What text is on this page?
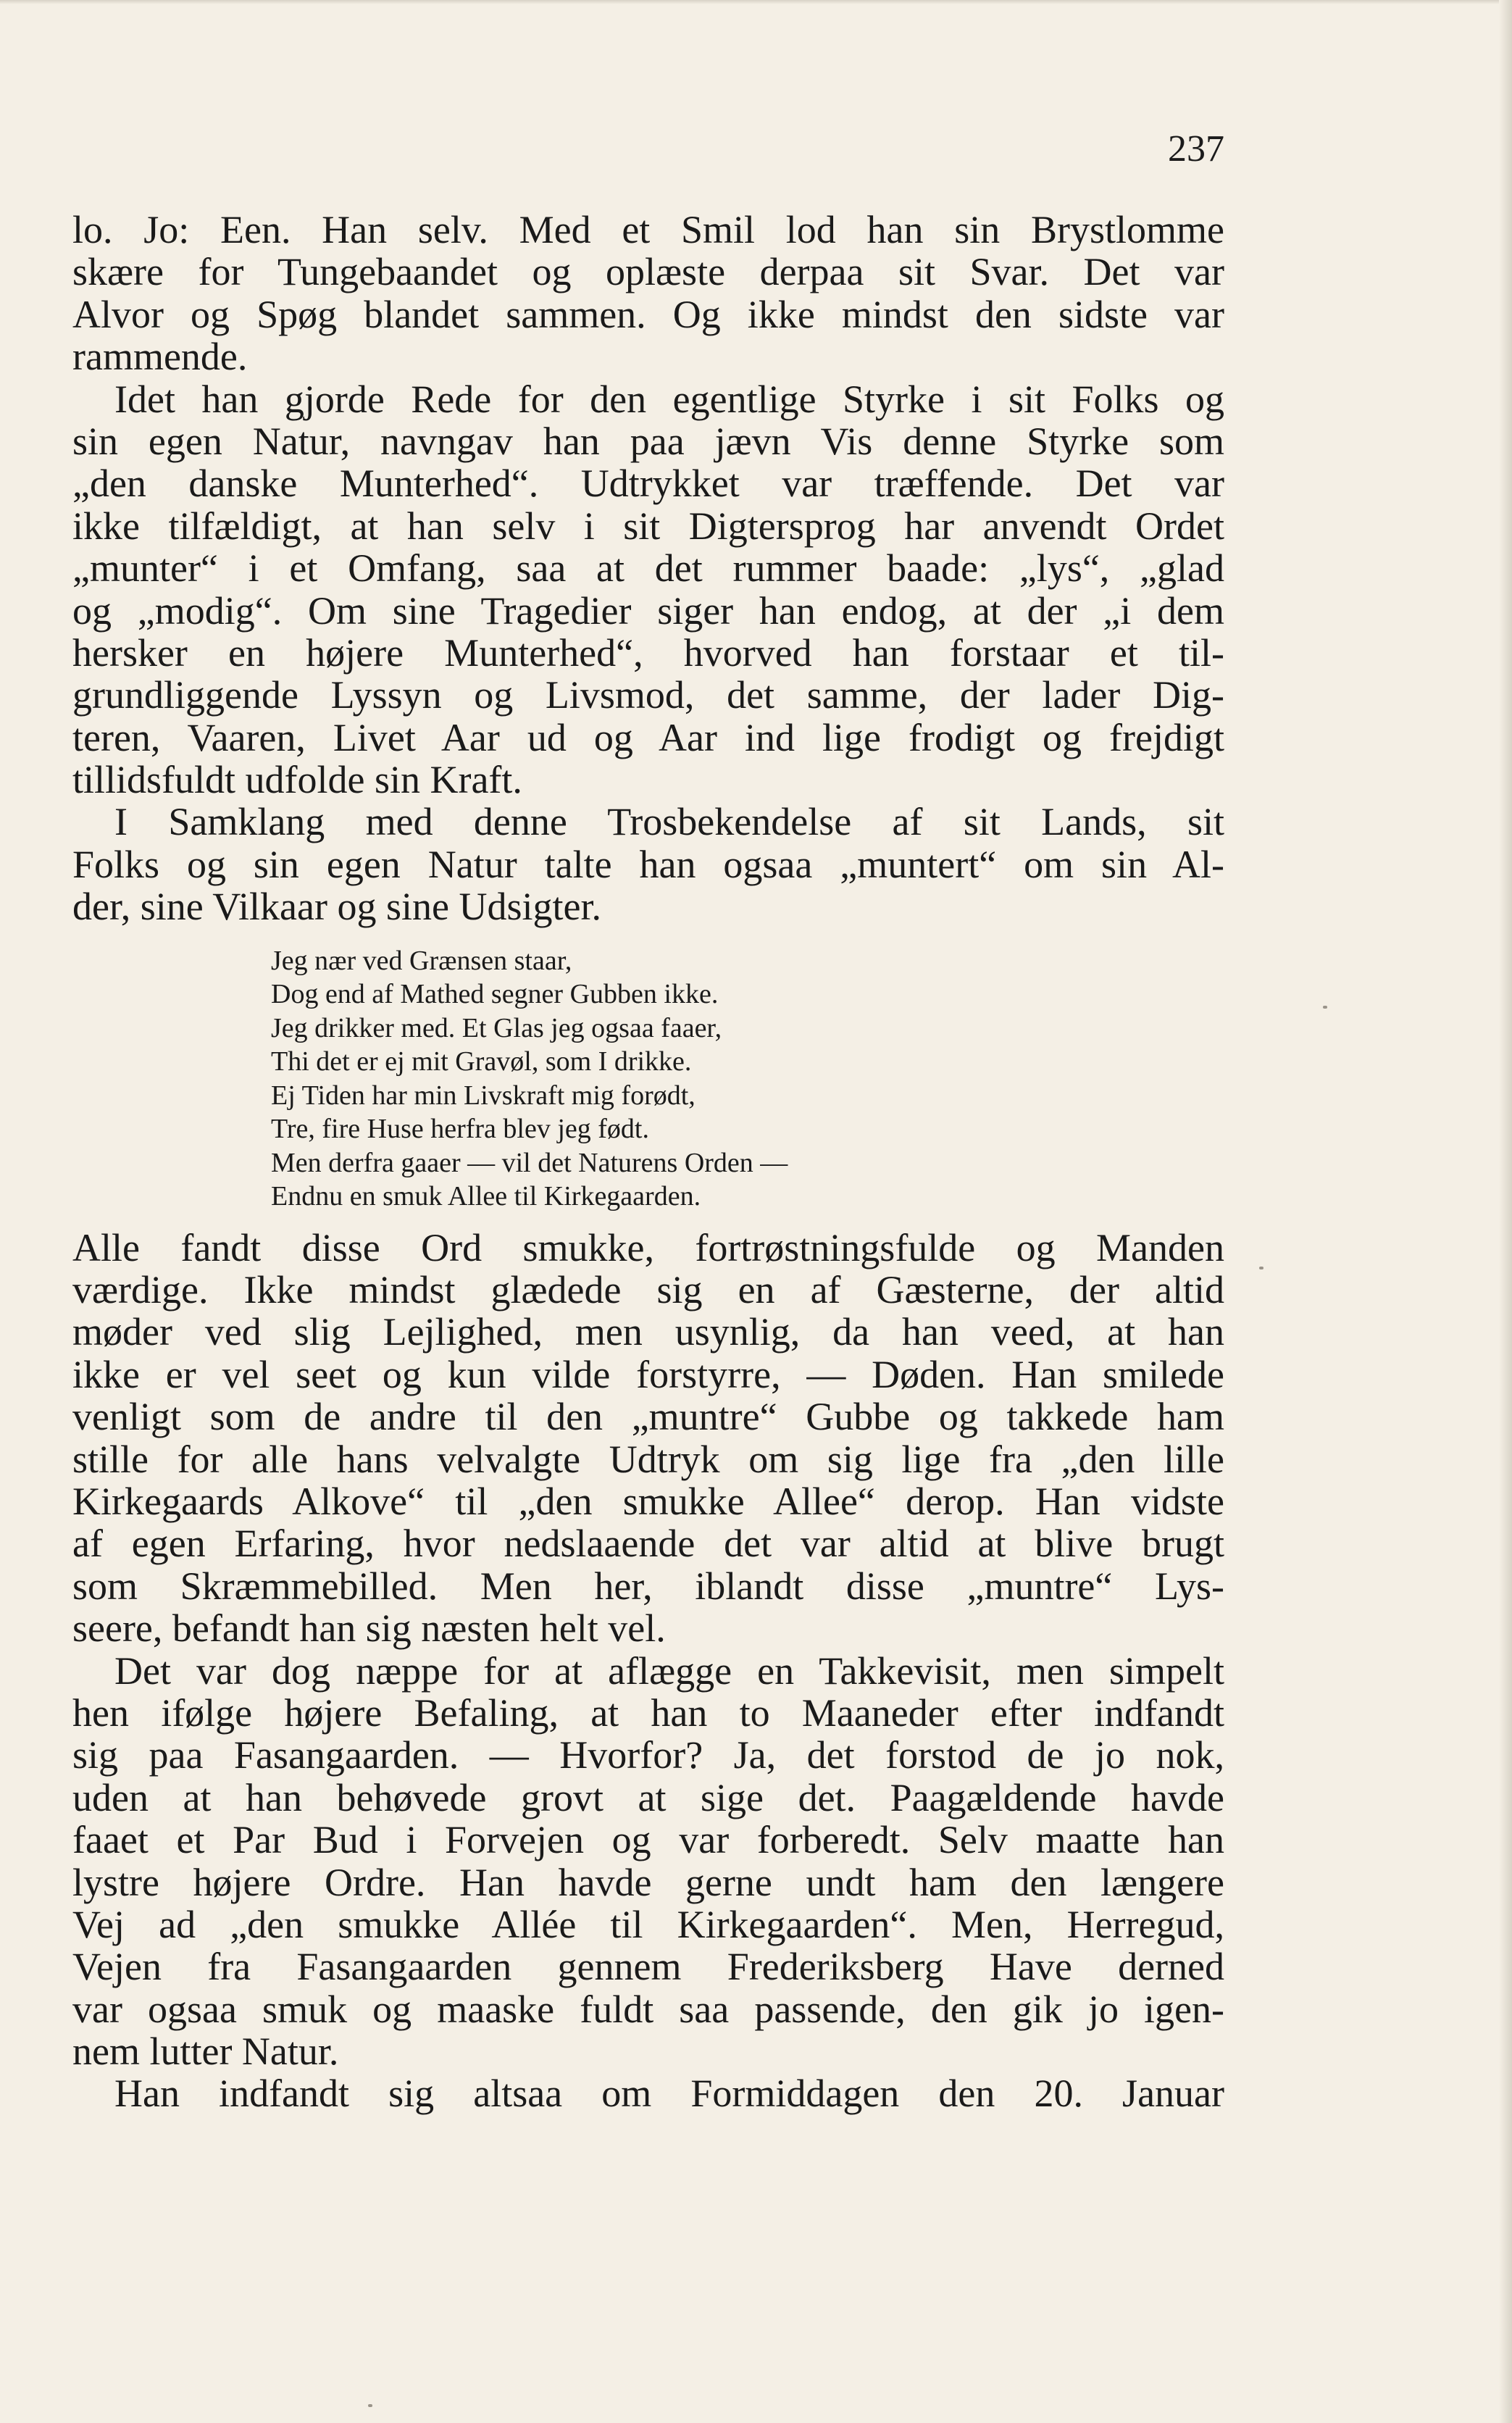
237
lo. Jo: Een. Han selv. Med et Smil lod han sin Brystlomme
skære for Tungebaandet og oplæste derpaa sit Svar. Det var
Alvor og Spøg blandet sammen. Og ikke mindst den sidste var
rammende.
Idet han gjorde Rede for den egentlige Styrke i sit Folks og
sin egen Natur, navngav han paa jævn Vis denne Styrke som
„den danske Munterhed“. Udtrykket var træffende. Det var
ikke tilfældigt, at han selv i sit Digtersprog har anvendt Ordet
„munter“ i et Omfang, saa at det rummer baade: „lys“, „glad
og „modig“. Om sine Tragedier siger han endog, at der „i dem
hersker en højere Munterhed“, hvorved han forstaar et til-
grundliggende Lyssyn og Livsmod, det samme, der lader Dig-
teren, Vaaren, Livet Aar ud og Aar ind lige frodigt og frejdigt
tillidsfuldt udfolde sin Kraft.
I Samklang med denne Trosbekendelse af sit Lands, sit
Folks og sin egen Natur talte han ogsaa „muntert“ om sin Al-
der, sine Vilkaar og sine Udsigter.
Jeg nær ved Grænsen staar,
Dog end af Mathed segner Gubben ikke.
Jeg drikker med. Et Glas jeg ogsaa faaer,
Thi det er ej mit Gravøl, som I drikke.
Ej Tiden har min Livskraft mig forødt,
Tre, fire Huse herfra blev jeg født.
Men derfra gaaer — vil det Naturens Orden —
Endnu en smuk Allee til Kirkegaarden.
Alle fandt disse Ord smukke, fortrøstningsfulde og Manden
værdige. Ikke mindst glædede sig en af Gæsterne, der altid
møder ved slig Lejlighed, men usynlig, da han veed, at han
ikke er vel seet og kun vilde forstyrre, — Døden. Han smilede
venligt som de andre til den „muntre“ Gubbe og takkede ham
stille for alle hans velvalgte Udtryk om sig lige fra „den lille
Kirkegaards Alkove“ til „den smukke Allee“ derop. Han vidste
af egen Erfaring, hvor nedslaaende det var altid at blive brugt
som Skræmmebilled. Men her, iblandt disse „muntre“ Lys-
seere, befandt han sig næsten helt vel.
Det var dog næppe for at aflægge en Takkevisit, men simpelt
hen ifølge højere Befaling, at han to Maaneder efter indfandt
sig paa Fasangaarden. — Hvorfor? Ja, det forstod de jo nok,
uden at han behøvede grovt at sige det. Paagældende havde
faaet et Par Bud i Forvejen og var forberedt. Selv maatte han
lystre højere Ordre. Han havde gerne undt ham den længere
Vej ad „den smukke Allée til Kirkegaarden“. Men, Herregud,
Vejen fra Fasangaarden gennem Frederiksberg Have derned
var ogsaa smuk og maaske fuldt saa passende, den gik jo igen-
nem lutter Natur.
Han indfandt sig altsaa om Formiddagen den 20. Januar
